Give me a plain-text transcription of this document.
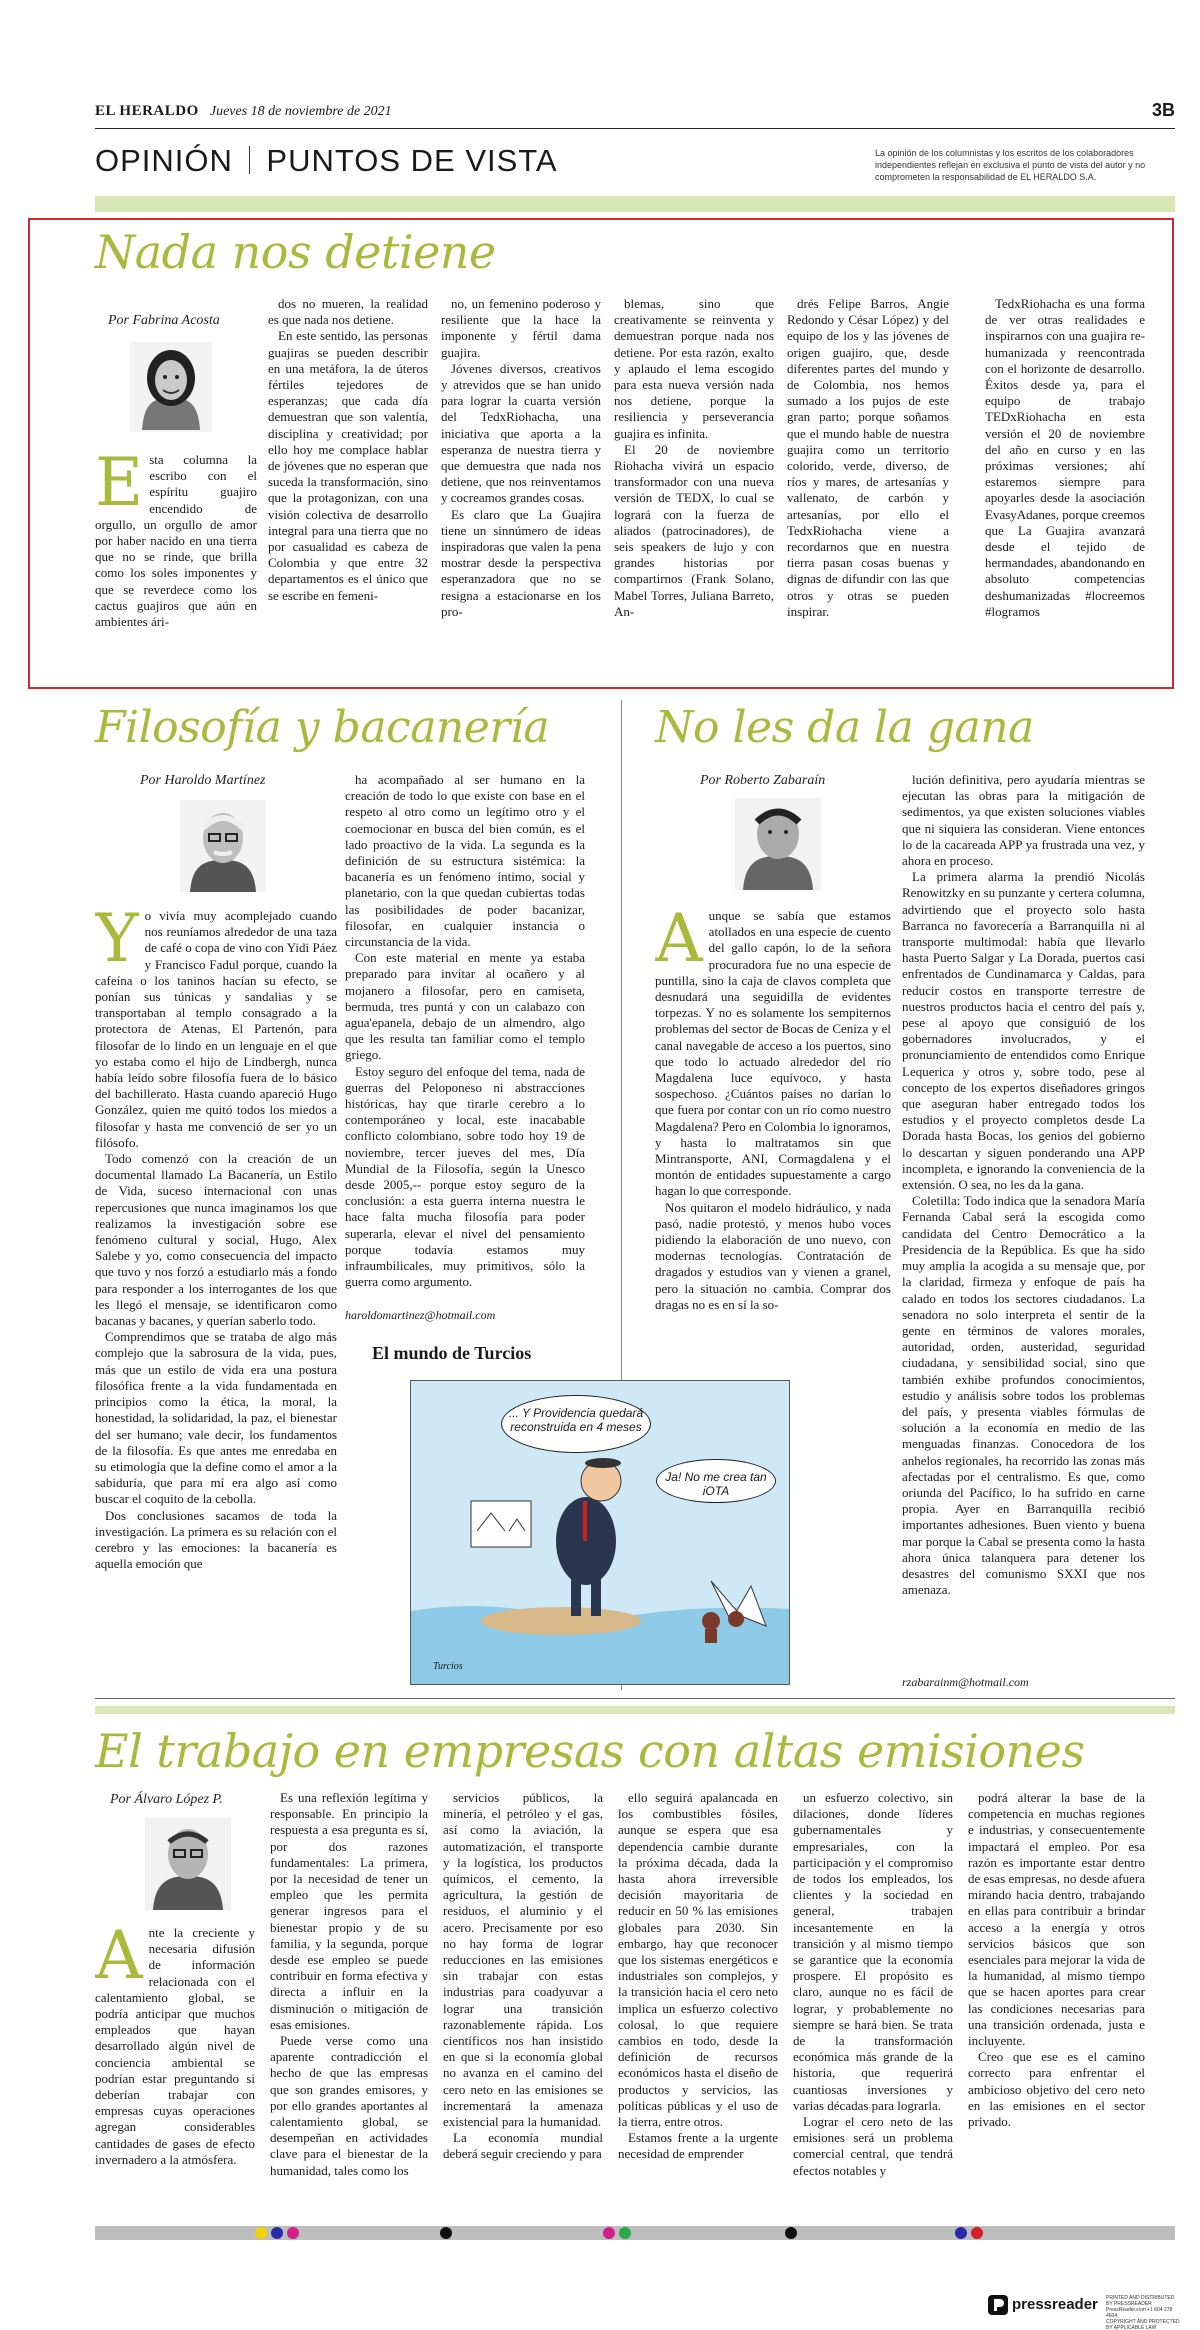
EL HERALDO Jueves 18 de noviembre de 2021	3B
OPINIÓN PUNTOS DE VISTA	La opinión de los columnistas y los escritos de los colaboradores independientes reflejan en exclusiva el punto de vista del autor y no comprometen la responsabilidad de EL HERALDO S.A.
Nada nos detiene
Por Fabrina Acosta
Esta columna la escribo con el espíritu guajiro encendido de orgullo, un orgullo de amor por haber nacido en una tierra que no se rinde, que brilla como los soles imponentes y que se reverdece como los cactus guajiros que aún en ambientes ári-

dos no mueren, la realidad es que nada nos detiene.

En este sentido, las personas guajiras se pueden describir en una metáfora, la de úteros fértiles tejedores de esperanzas; que cada día demuestran que son valentía, disciplina y creatividad; por ello hoy me complace hablar de jóvenes que no esperan que suceda la transformación, sino que la protagonizan, con una visión colectiva de desarrollo integral para una tierra que no por casualidad es cabeza de Colombia y que entre 32 departamentos es el único que se escribe en femeni-

no, un femenino poderoso y resiliente que la hace la imponente y fértil dama guajira.

Jóvenes diversos, creativos y atrevidos que se han unido para lograr la cuarta versión del TedxRiohacha, una iniciativa que aporta a la esperanza de nuestra tierra y que demuestra que nada nos detiene, que nos reinventamos y cocreamos grandes cosas.

Es claro que La Guajira tiene un sinnúmero de ideas inspiradoras que valen la pena mostrar desde la perspectiva esperanzadora que no se resigna a estacionarse en los pro-

blemas, sino que creativamente se reinventa y demuestran porque nada nos detiene. Por esta razón, exalto y aplaudo el lema escogido para esta nueva versión nada nos detiene, porque la resiliencia y perseverancia guajira es infinita.

El 20 de noviembre Riohacha vivirá un espacio transformador con una nueva versión de TEDX, lo cual se logrará con la fuerza de aliados (patrocinadores), de seis speakers de lujo y con grandes historias por compartirnos (Frank Solano, Mabel Torres, Juliana Barreto, An-

drés Felipe Barros, Angie Redondo y César López) y del equipo de los y las jóvenes de origen guajiro, que, desde diferentes partes del mundo y de Colombia, nos hemos sumado a los pujos de este gran parto; porque soñamos que el mundo hable de nuestra guajira como un territorio colorido, verde, diverso, de ríos y mares, de artesanías y vallenato, de carbón y artesanías, por ello el TedxRiohacha viene a recordarnos que en nuestra tierra pasan cosas buenas y dignas de difundir con las que otros y otras se pueden inspirar.

TedxRiohacha es una forma de ver otras realidades e inspirarnos con una guajira re-humanizada y reencontrada con el horizonte de desarrollo. Éxitos desde ya, para el equipo de trabajo TEDxRiohacha en esta versión el 20 de noviembre del año en curso y en las próximas versiones; ahí estaremos siempre para apoyarles desde la asociación EvasyAdanes, porque creemos que La Guajira avanzará desde el tejido de hermandades, abandonando en absoluto competencias deshumanizadas #locreemos #logramos

Filosofía y bacanería
Por Haroldo Martínez
Yo vivía muy acomplejado cuando nos reuníamos alrededor de una taza de café o copa de vino con Yidi Páez y Francisco Fadul porque, cuando la cafeína o los taninos hacían su efecto, se ponían sus túnicas y sandalias y se transportaban al templo consagrado a la protectora de Atenas, El Partenón, para filosofar de lo lindo en un lenguaje en el que yo estaba como el hijo de Lindbergh, nunca había leído sobre filosofía fuera de lo básico del bachillerato. Hasta cuando apareció Hugo González, quien me quitó todos los miedos a filosofar y hasta me convenció de ser yo un filósofo.

Todo comenzó con la creación de un documental llamado La Bacanería, un Estilo de Vida, suceso internacional con unas repercusiones que nunca imaginamos los que realizamos la investigación sobre ese fenómeno cultural y social, Hugo, Alex Salebe y yo, como consecuencia del impacto que tuvo y nos forzó a estudiarlo más a fondo para responder a los interrogantes de los que les llegó el mensaje, se identificaron como bacanas y bacanes, y querían saberlo todo.

Comprendimos que se trataba de algo más complejo que la sabrosura de la vida, pues, más que un estilo de vida era una postura filosófica frente a la vida fundamentada en principios como la ética, la moral, la honestidad, la solidaridad, la paz, el bienestar del ser humano; vale decir, los fundamentos de la filosofía. Es que antes me enredaba en su etimología que la define como el amor a la sabiduría, que para mí era algo así como buscar el coquito de la cebolla.

Dos conclusiones sacamos de toda la investigación. La primera es su relación con el cerebro y las emociones: la bacanería es aquella emoción que

ha acompañado al ser humano en la creación de todo lo que existe con base en el respeto al otro como un legítimo otro y el coemocionar en busca del bien común, es el lado proactivo de la vida. La segunda es la definición de su estructura sistémica: la bacanería es un fenómeno íntimo, social y planetario, con la que quedan cubiertas todas las posibilidades de poder bacanizar, filosofar, en cualquier instancia o circunstancia de la vida.

Con este material en mente ya estaba preparado para invitar al ocañero y al mojanero a filosofar, pero en camiseta, bermuda, tres puntá y con un calabazo con agua'epanela, debajo de un almendro, algo que les resulta tan familiar como el templo griego.

Estoy seguro del enfoque del tema, nada de guerras del Peloponeso ni abstracciones históricas, hay que tirarle cerebro a lo contemporáneo y local, este inacabable conflicto colombiano, sobre todo hoy 19 de noviembre, tercer jueves del mes, Día Mundial de la Filosofía, según la Unesco desde 2005,-- porque estoy seguro de la conclusión: a esta guerra interna nuestra le hace falta mucha filosofía para poder superarla, elevar el nivel del pensamiento porque todavía estamos muy infraumbilicales, muy primitivos, sólo la guerra como argumento.

haroldomartinez@hotmail.com
El mundo de Turcios
... Y Providencia quedará reconstruida en 4 meses
Ja! No me crea tan iOTA
Turcios
No les da la gana
Por Roberto Zabaraín
Aunque se sabía que estamos atollados en una especie de cuento del gallo capón, lo de la señora procuradora fue no una especie de puntilla, sino la caja de clavos completa que desnudará una seguidilla de evidentes torpezas. Y no es solamente los sempiternos problemas del sector de Bocas de Ceniza y el canal navegable de acceso a los puertos, sino que todo lo actuado alrededor del río Magdalena luce equívoco, y hasta sospechoso. ¿Cuántos países no darían lo que fuera por contar con un río como nuestro Magdalena? Pero en Colombia lo ignoramos, y hasta lo maltratamos sin que Mintransporte, ANI, Cormagdalena y el montón de entidades supuestamente a cargo hagan lo que corresponde.

Nos quitaron el modelo hidráulico, y nada pasó, nadie protestó, y menos hubo voces pidiendo la elaboración de uno nuevo, con modernas tecnologías. Contratación de dragados y estudios van y vienen a granel, pero la situación no cambia. Comprar dos dragas no es en sí la so-

lución definitiva, pero ayudaría mientras se ejecutan las obras para la mitigación de sedimentos, ya que existen soluciones viables que ni siquiera las consideran. Viene entonces lo de la cacareada APP ya frustrada una vez, y ahora en proceso.

La primera alarma la prendió Nicolás Renowitzky en su punzante y certera columna, advirtiendo que el proyecto solo hasta Barranca no favorecería a Barranquilla ni al transporte multimodal: había que llevarlo hasta Puerto Salgar y La Dorada, puertos casi enfrentados de Cundinamarca y Caldas, para reducir costos en transporte terrestre de nuestros productos hacia el centro del país y, pese al apoyo que consiguió de los gobernadores involucrados, y el pronunciamiento de entendidos como Enrique Lequerica y otros y, sobre todo, pese al concepto de los expertos diseñadores gringos que aseguran haber entregado todos los estudios y el proyecto completos desde La Dorada hasta Bocas, los genios del gobierno lo descartan y siguen ponderando una APP incompleta, e ignorando la conveniencia de la extensión. O sea, no les da la gana.

Coletilla: Todo indica que la senadora María Fernanda Cabal será la escogida como candidata del Centro Democrático a la Presidencia de la República. Es que ha sido muy amplia la acogida a su mensaje que, por la claridad, firmeza y enfoque de país ha calado en todos los sectores ciudadanos. La senadora no solo interpreta el sentir de la gente en términos de valores morales, autoridad, orden, austeridad, seguridad ciudadana, y sensibilidad social, sino que también exhibe profundos conocimientos, estudio y análisis sobre todos los problemas del país, y presenta viables fórmulas de solución a la economía en medio de las menguadas finanzas. Conocedora de los anhelos regionales, ha recorrido las zonas más afectadas por el centralismo. Es que, como oriunda del Pacífico, lo ha sufrido en carne propia. Ayer en Barranquilla recibió importantes adhesiones. Buen viento y buena mar porque la Cabal se presenta como la hasta ahora única talanquera para detener los desastres del comunismo SXXI que nos amenaza.

rzabarainm@hotmail.com
El trabajo en empresas con altas emisiones
Por Álvaro López P.
Ante la creciente y necesaria difusión de información relacionada con el calentamiento global, se podría anticipar que muchos empleados que hayan desarrollado algún nivel de conciencia ambiental se podrían estar preguntando si deberían trabajar con empresas cuyas operaciones agregan considerables cantidades de gases de efecto invernadero a la atmósfera.

Es una reflexión legítima y responsable. En principio la respuesta a esa pregunta es sí, por dos razones fundamentales: La primera, por la necesidad de tener un empleo que les permita generar ingresos para el bienestar propio y de su familia, y la segunda, porque desde ese empleo se puede contribuir en forma efectiva y directa a influir en la disminución o mitigación de esas emisiones.

Puede verse como una aparente contradicción el hecho de que las empresas que son grandes emisores, y por ello grandes aportantes al calentamiento global, se desempeñan en actividades clave para el bienestar de la humanidad, tales como los

servicios públicos, la minería, el petróleo y el gas, así como la aviación, la automatización, el transporte y la logística, los productos químicos, el cemento, la agricultura, la gestión de residuos, el aluminio y el acero. Precisamente por eso no hay forma de lograr reducciones en las emisiones sin trabajar con estas industrias para coadyuvar a lograr una transición razonablemente rápida. Los científicos nos han insistido en que si la economía global no avanza en el camino del cero neto en las emisiones se incrementará la amenaza existencial para la humanidad.

La economía mundial deberá seguir creciendo y para

ello seguirá apalancada en los combustibles fósiles, aunque se espera que esa dependencia cambie durante la próxima década, dada la hasta ahora irreversible decisión mayoritaria de reducir en 50 % las emisiones globales para 2030. Sin embargo, hay que reconocer que los sistemas energéticos e industriales son complejos, y la transición hacia el cero neto implica un esfuerzo colectivo colosal, lo que requiere cambios en todo, desde la definición de recursos económicos hasta el diseño de productos y servicios, las políticas públicas y el uso de la tierra, entre otros.

Estamos frente a la urgente necesidad de emprender

un esfuerzo colectivo, sin dilaciones, donde líderes gubernamentales y empresariales, con la participación y el compromiso de todos los empleados, los clientes y la sociedad en general, trabajen incesantemente en la transición y al mismo tiempo se garantice que la economía prospere. El propósito es claro, aunque no es fácil de lograr, y probablemente no siempre se hará bien. Se trata de la transformación económica más grande de la historia, que requerirá cuantiosas inversiones y varias décadas para lograrla.

Lograr el cero neto de las emisiones será un problema comercial central, que tendrá efectos notables y

podrá alterar la base de la competencia en muchas regiones e industrias, y consecuentemente impactará el empleo. Por esa razón es importante estar dentro de esas empresas, no desde afuera mirando hacia dentro, trabajando en ellas para contribuir a brindar acceso a la energía y otros servicios básicos que son esenciales para mejorar la vida de la humanidad, al mismo tiempo que se hacen aportes para crear las condiciones necesarias para una transición ordenada, justa e incluyente.

Creo que ese es el camino correcto para enfrentar el ambicioso objetivo del cero neto en las emisiones en el sector privado.

pressreader PRINTED AND DISTRIBUTED BY PRESSREADER
PressReader.com +1 604 278 4604
COPYRIGHT AND PROTECTED BY APPLICABLE LAW
